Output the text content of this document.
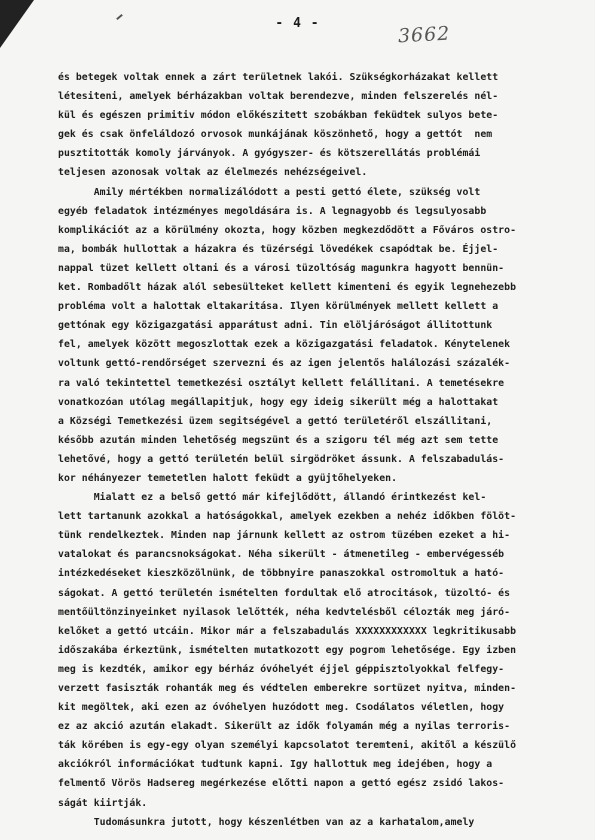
- 4 -	3662
és betegek voltak ennek a zárt területnek lakói. Szükségkorházakat kellett
létesiteni, amelyek bérházakban voltak berendezve, minden felszerelés nél-
kül és egészen primitiv módon előkészitett szobákban feküdtek sulyos bete-
gek és csak önfeláldozó orvosok munkájának köszönhető, hogy a gettót  nem
pusztitották komoly járványok. A gyógyszer- és kötszerellátás problémái
teljesen azonosak voltak az élelmezés nehézségeivel.
Amily mértékben normalizálódott a pesti gettó élete, szükség volt
egyéb feladatok intézményes megoldására is. A legnagyobb és legsulyosabb
komplikációt az a körülmény okozta, hogy közben megkezdődött a Főváros ostro-
ma, bombák hullottak a házakra és tüzérségi lövedékek csapódtak be. Éjjel-
nappal tüzet kellett oltani és a városi tüzoltóság magunkra hagyott bennün-
ket. Rombadőlt házak alól sebesülteket kellett kimenteni és egyik legnehezebb
probléma volt a halottak eltakaritása. Ilyen körülmények mellett kellett a
gettónak egy közigazgatási apparátust adni. Tin elöljáróságot állitottunk
fel, amelyek között megoszlottak ezek a közigazgatási feladatok. Kénytelenek
voltunk gettó-rendőrséget szervezni és az igen jelentős halálozási százalék-
ra való tekintettel temetkezési osztályt kellett felállitani. A temetésekre
vonatkozóan utólag megállapitjuk, hogy egy ideig sikerült még a halottakat
a Községi Temetkezési üzem segitségével a gettó területéről elszállitani,
később azután minden lehetőség megszünt és a szigoru tél még azt sem tette
lehetővé, hogy a gettó területén belül sirgödröket ássunk. A felszabadulás-
kor néhányezer temetetlen halott feküdt a gyüjtőhelyeken.
Mialatt ez a belső gettó már kifejlődött, állandó érintkezést kel-
lett tartanunk azokkal a hatóságokkal, amelyek ezekben a nehéz időkben fölöt-
tünk rendelkeztek. Minden nap járnunk kellett az ostrom tüzében ezeket a hi-
vatalokat és parancsnokságokat. Néha sikerült - átmenetileg - embervégesséb
intézkedéseket kieszközölnünk, de többnyire panaszokkal ostromoltuk a ható-
ságokat. A gettó területén ismételten fordultak elő atrocitások, tüzoltó- és
mentőültönzinyeinket nyilasok lelőtték, néha kedvtelésből célozták meg járó-
kelőket a gettó utcáin. Mikor már a felszabadulás XXXXXXXXXXXX legkritikusabb
időszakába érkeztünk, ismételten mutatkozott egy pogrom lehetősége. Egy izben
meg is kezdték, amikor egy bérház óvóhelyét éjjel géppisztolyokkal felfegy-
verzett fasiszták rohanták meg és védtelen emberekre sortüzet nyitva, minden-
kit megöltek, aki ezen az óvóhelyen huzódott meg. Csodálatos véletlen, hogy
ez az akció azután elakadt. Sikerült az idők folyamán még a nyilas terroris-
ták körében is egy-egy olyan személyi kapcsolatot teremteni, akitől a készülő
akciókról információkat tudtunk kapni. Igy hallottuk meg idejében, hogy a
felmentő Vörös Hadsereg megérkezése előtti napon a gettó egész zsidó lakos-
ságát kiirtják.
Tudomásunkra jutott, hogy készenlétben van az a karhatalom,amely
